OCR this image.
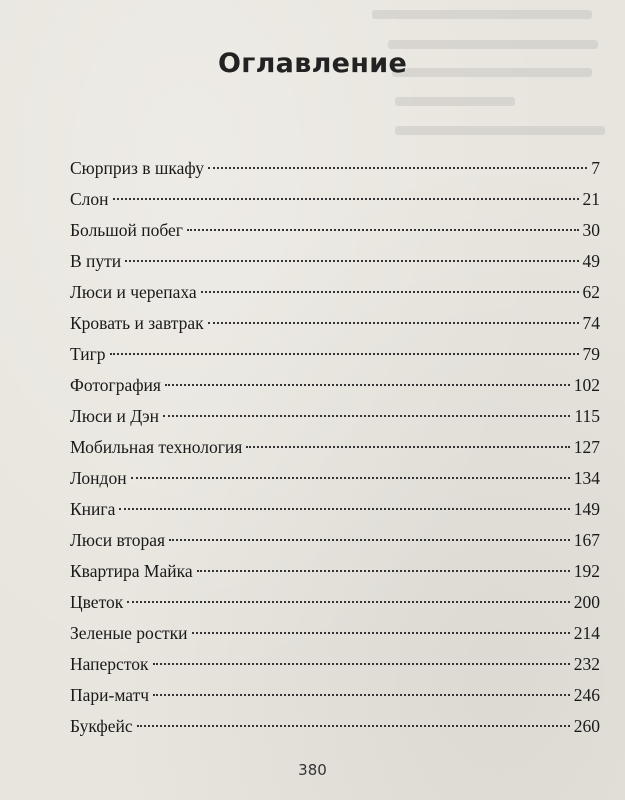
Оглавление
Сюрприз в шкафу	7
Слон	21
Большой побег	30
В пути	49
Люси и черепаха	62
Кровать и завтрак	74
Тигр	79
Фотография	102
Люси и Дэн	115
Мобильная технология	127
Лондон	134
Книга	149
Люси вторая	167
Квартира Майка	192
Цветок	200
Зеленые ростки	214
Наперсток	232
Пари-матч	246
Букфейс	260
380
